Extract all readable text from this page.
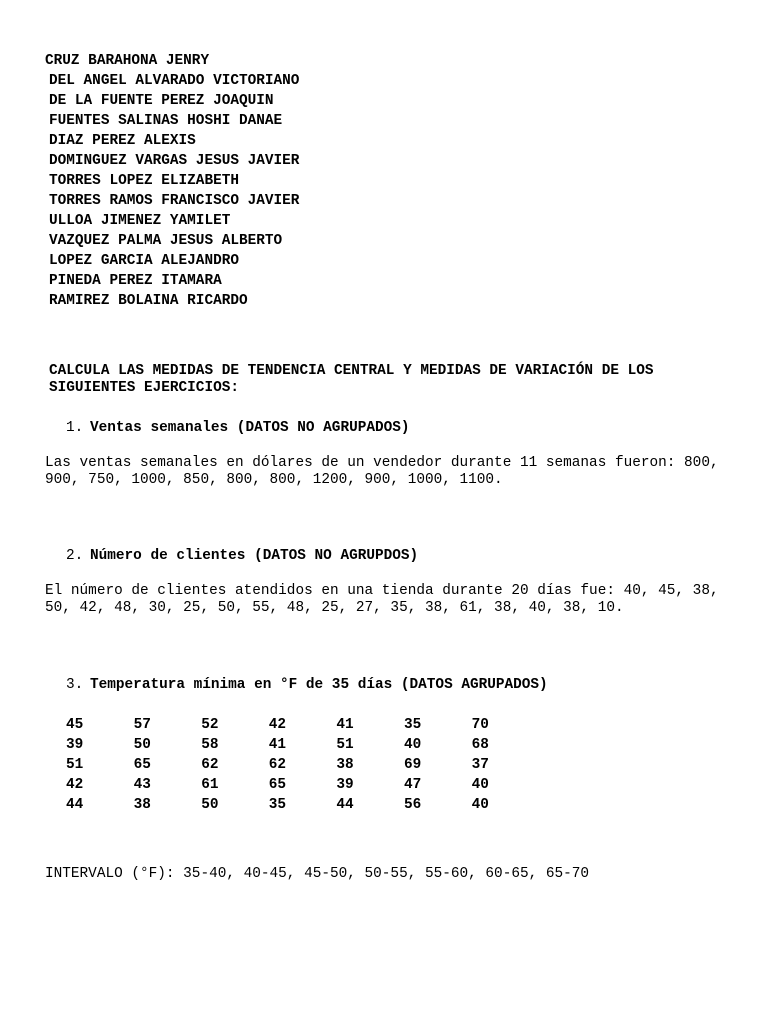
CRUZ BARAHONA JENRY
DEL ANGEL ALVARADO VICTORIANO
DE LA FUENTE PEREZ JOAQUIN
FUENTES SALINAS HOSHI DANAE
DIAZ PEREZ ALEXIS
DOMINGUEZ VARGAS JESUS JAVIER
TORRES LOPEZ ELIZABETH
TORRES RAMOS FRANCISCO JAVIER
ULLOA JIMENEZ YAMILET
VAZQUEZ PALMA JESUS ALBERTO
LOPEZ GARCIA ALEJANDRO
PINEDA PEREZ ITAMARA
RAMIREZ BOLAINA RICARDO
CALCULA LAS MEDIDAS DE TENDENCIA CENTRAL Y MEDIDAS DE VARIACIÓN DE LOS SIGUIENTES EJERCICIOS:
1. Ventas semanales (DATOS NO AGRUPADOS)
Las ventas semanales en dólares de un vendedor durante 11 semanas fueron: 800, 900, 750, 1000, 850, 800, 800, 1200, 900, 1000, 1100.
2. Número de clientes (DATOS NO AGRUPDOS)
El número de clientes atendidos en una tienda durante 20 días fue: 40, 45, 38, 50, 42, 48, 30, 25, 50, 55, 48, 25, 27, 35, 38, 61, 38, 40, 38, 10.
3. Temperatura mínima en °F de 35 días (DATOS AGRUPADOS)
45	57	52	42	41	35	70
39	50	58	41	51	40	68
51	65	62	62	38	69	37
42	43	61	65	39	47	40
44	38	50	35	44	56	40
INTERVALO (°F): 35-40, 40-45, 45-50, 50-55, 55-60, 60-65, 65-70
